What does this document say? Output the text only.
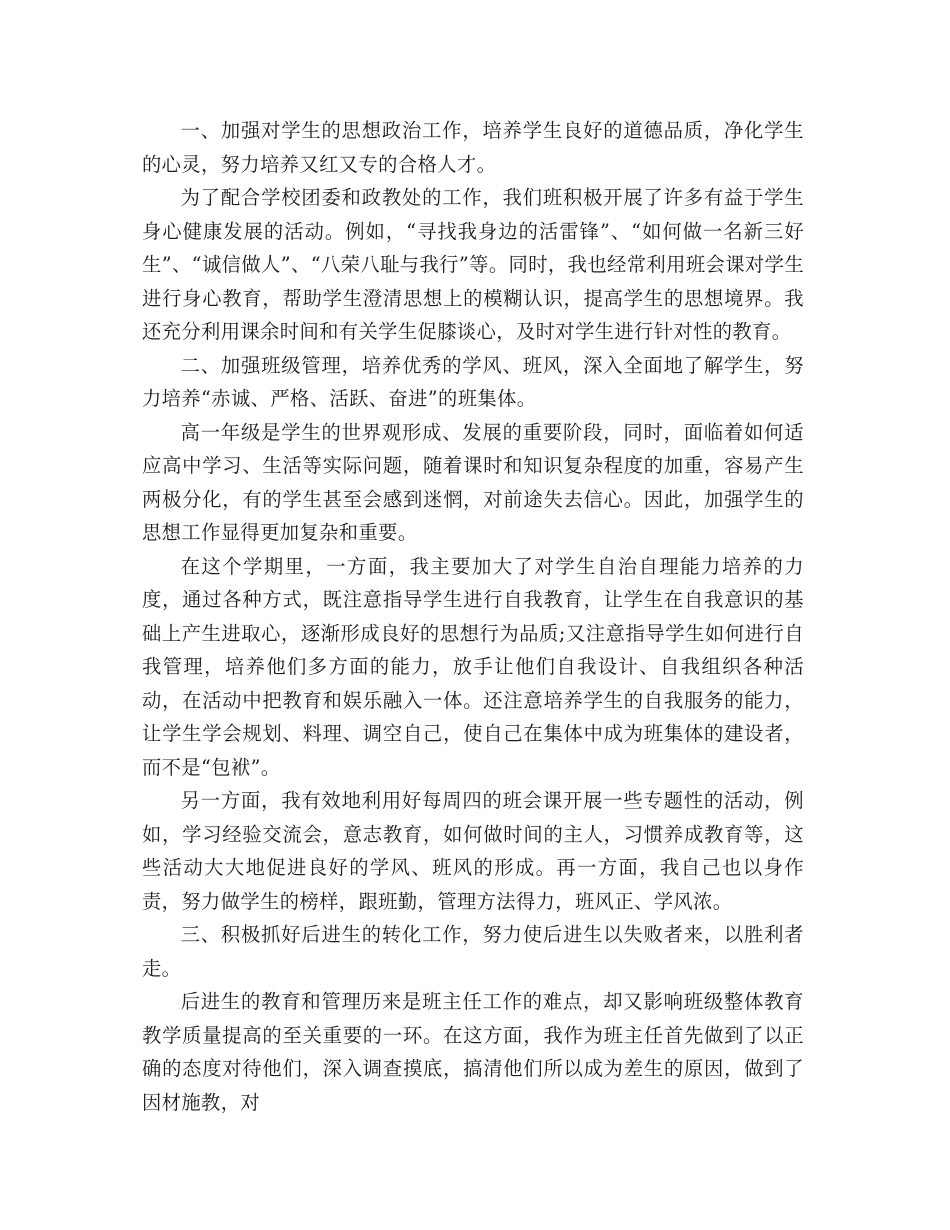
一、加强对学生的思想政治工作，培养学生良好的道德品质，净化学生的心灵，努力培养又红又专的合格人才。

为了配合学校团委和政教处的工作，我们班积极开展了许多有益于学生身心健康发展的活动。例如，“寻找我身边的活雷锋”、“如何做一名新三好生”、“诚信做人”、“八荣八耻与我行”等。同时，我也经常利用班会课对学生进行身心教育，帮助学生澄清思想上的模糊认识，提高学生的思想境界。我还充分利用课余时间和有关学生促膝谈心，及时对学生进行针对性的教育。

二、加强班级管理，培养优秀的学风、班风，深入全面地了解学生，努力培养“赤诚、严格、活跃、奋进”的班集体。

高一年级是学生的世界观形成、发展的重要阶段，同时，面临着如何适应高中学习、生活等实际问题，随着课时和知识复杂程度的加重，容易产生两极分化，有的学生甚至会感到迷惘，对前途失去信心。因此，加强学生的思想工作显得更加复杂和重要。

在这个学期里，一方面，我主要加大了对学生自治自理能力培养的力度，通过各种方式，既注意指导学生进行自我教育，让学生在自我意识的基础上产生进取心，逐渐形成良好的思想行为品质;又注意指导学生如何进行自我管理，培养他们多方面的能力，放手让他们自我设计、自我组织各种活动，在活动中把教育和娱乐融入一体。还注意培养学生的自我服务的能力，让学生学会规划、料理、调空自己，使自己在集体中成为班集体的建设者，而不是“包袱”。

另一方面，我有效地利用好每周四的班会课开展一些专题性的活动，例如，学习经验交流会，意志教育，如何做时间的主人，习惯养成教育等，这些活动大大地促进良好的学风、班风的形成。再一方面，我自己也以身作责，努力做学生的榜样，跟班勤，管理方法得力，班风正、学风浓。

三、积极抓好后进生的转化工作，努力使后进生以失败者来，以胜利者走。

后进生的教育和管理历来是班主任工作的难点，却又影响班级整体教育教学质量提高的至关重要的一环。在这方面，我作为班主任首先做到了以正确的态度对待他们，深入调查摸底，搞清他们所以成为差生的原因，做到了因材施教，对
